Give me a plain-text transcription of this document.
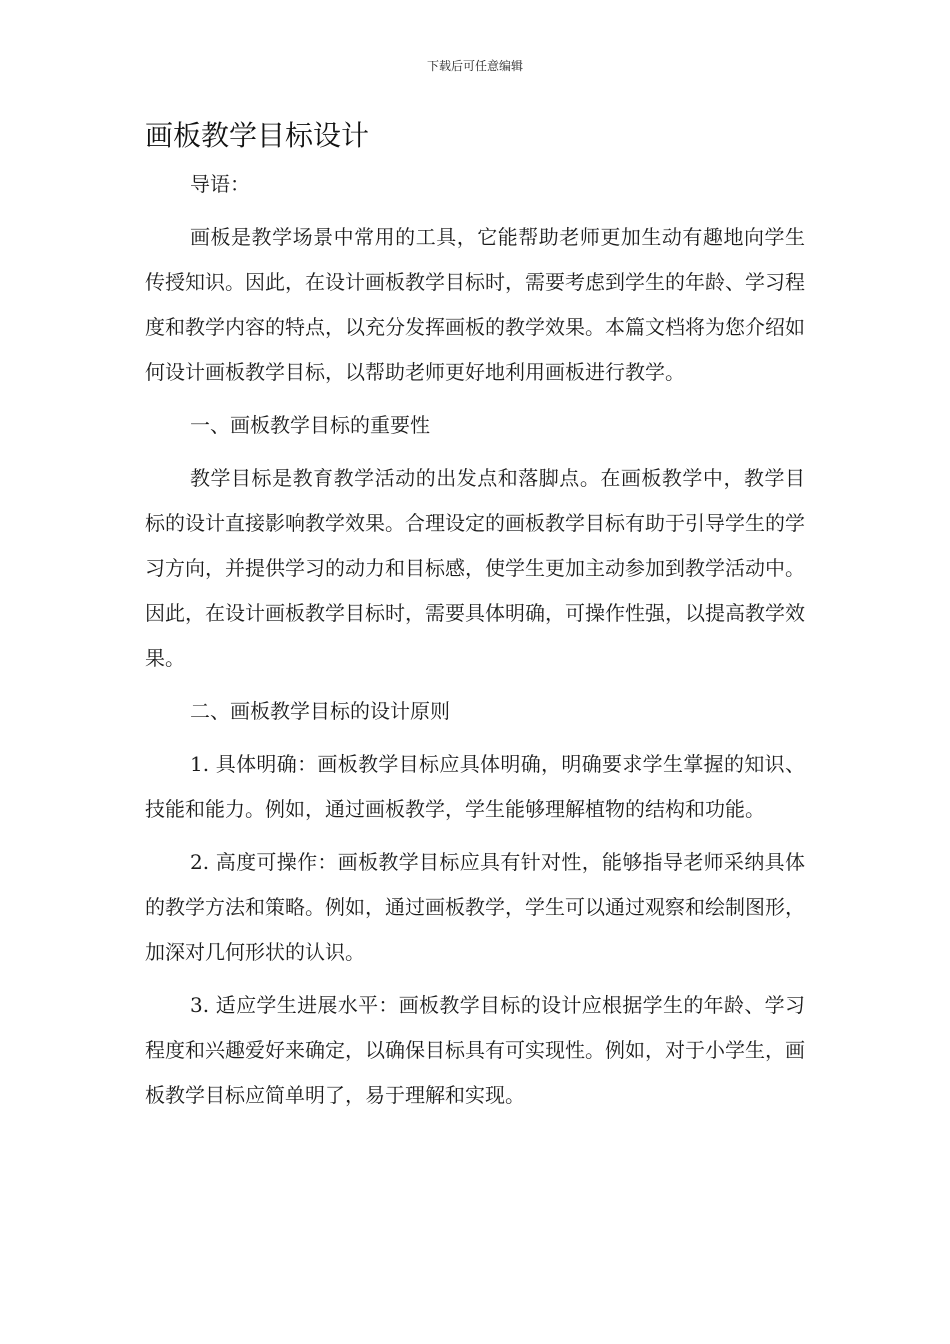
下载后可任意编辑
画板教学目标设计

导语：

画板是教学场景中常用的工具，它能帮助老师更加生动有趣地向学生传授知识。因此，在设计画板教学目标时，需要考虑到学生的年龄、学习程度和教学内容的特点，以充分发挥画板的教学效果。本篇文档将为您介绍如何设计画板教学目标，以帮助老师更好地利用画板进行教学。

一、画板教学目标的重要性

教学目标是教育教学活动的出发点和落脚点。在画板教学中，教学目标的设计直接影响教学效果。合理设定的画板教学目标有助于引导学生的学习方向，并提供学习的动力和目标感，使学生更加主动参加到教学活动中。因此，在设计画板教学目标时，需要具体明确，可操作性强，以提高教学效果。

二、画板教学目标的设计原则

1. 具体明确：画板教学目标应具体明确，明确要求学生掌握的知识、技能和能力。例如，通过画板教学，学生能够理解植物的结构和功能。

2. 高度可操作：画板教学目标应具有针对性，能够指导老师采纳具体的教学方法和策略。例如，通过画板教学，学生可以通过观察和绘制图形，加深对几何形状的认识。

3. 适应学生进展水平：画板教学目标的设计应根据学生的年龄、学习程度和兴趣爱好来确定，以确保目标具有可实现性。例如，对于小学生，画板教学目标应简单明了，易于理解和实现。
